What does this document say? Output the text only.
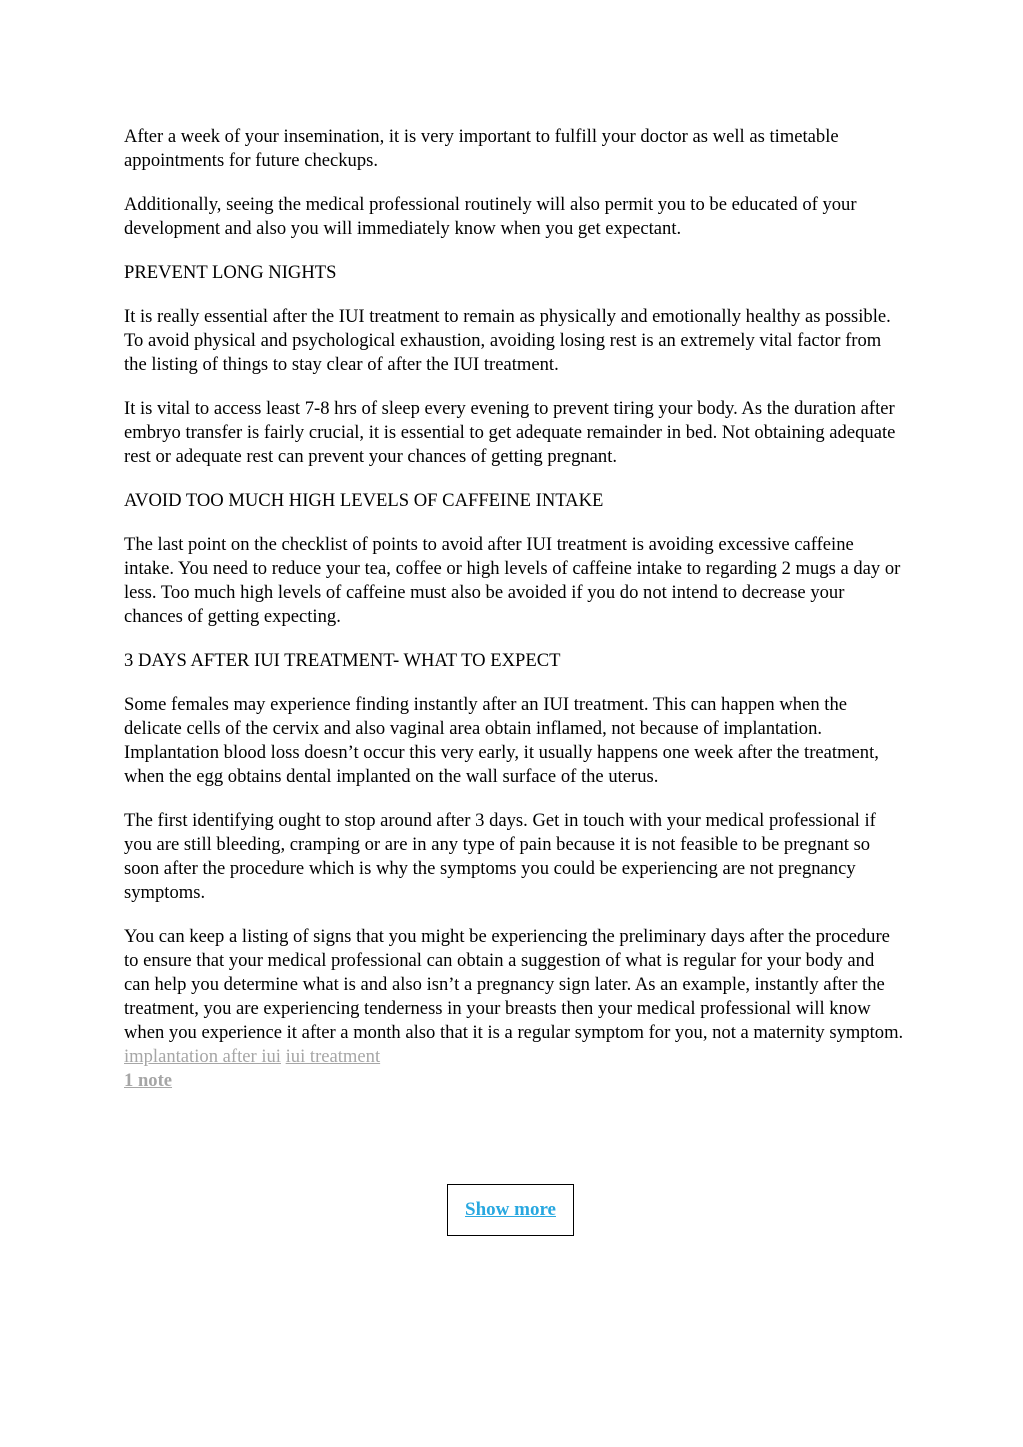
After a week of your insemination, it is very important to fulfill your doctor as well as timetable appointments for future checkups.

Additionally, seeing the medical professional routinely will also permit you to be educated of your development and also you will immediately know when you get expectant.

PREVENT LONG NIGHTS

It is really essential after the IUI treatment to remain as physically and emotionally healthy as possible. To avoid physical and psychological exhaustion, avoiding losing rest is an extremely vital factor from the listing of things to stay clear of after the IUI treatment.

It is vital to access least 7-8 hrs of sleep every evening to prevent tiring your body. As the duration after embryo transfer is fairly crucial, it is essential to get adequate remainder in bed. Not obtaining adequate rest or adequate rest can prevent your chances of getting pregnant.

AVOID TOO MUCH HIGH LEVELS OF CAFFEINE INTAKE

The last point on the checklist of points to avoid after IUI treatment is avoiding excessive caffeine intake. You need to reduce your tea, coffee or high levels of caffeine intake to regarding 2 mugs a day or less. Too much high levels of caffeine must also be avoided if you do not intend to decrease your chances of getting expecting.

3 DAYS AFTER IUI TREATMENT- WHAT TO EXPECT

Some females may experience finding instantly after an IUI treatment. This can happen when the delicate cells of the cervix and also vaginal area obtain inflamed, not because of implantation. Implantation blood loss doesn’t occur this very early, it usually happens one week after the treatment, when the egg obtains dental implanted on the wall surface of the uterus.

The first identifying ought to stop around after 3 days. Get in touch with your medical professional if you are still bleeding, cramping or are in any type of pain because it is not feasible to be pregnant so soon after the procedure which is why the symptoms you could be experiencing are not pregnancy symptoms.

You can keep a listing of signs that you might be experiencing the preliminary days after the procedure to ensure that your medical professional can obtain a suggestion of what is regular for your body and can help you determine what is and also isn’t a pregnancy sign later. As an example, instantly after the treatment, you are experiencing tenderness in your breasts then your medical professional will know when you experience it after a month also that it is a regular symptom for you, not a maternity symptom.

implantation after iui iui treatment
1 note
Show more
